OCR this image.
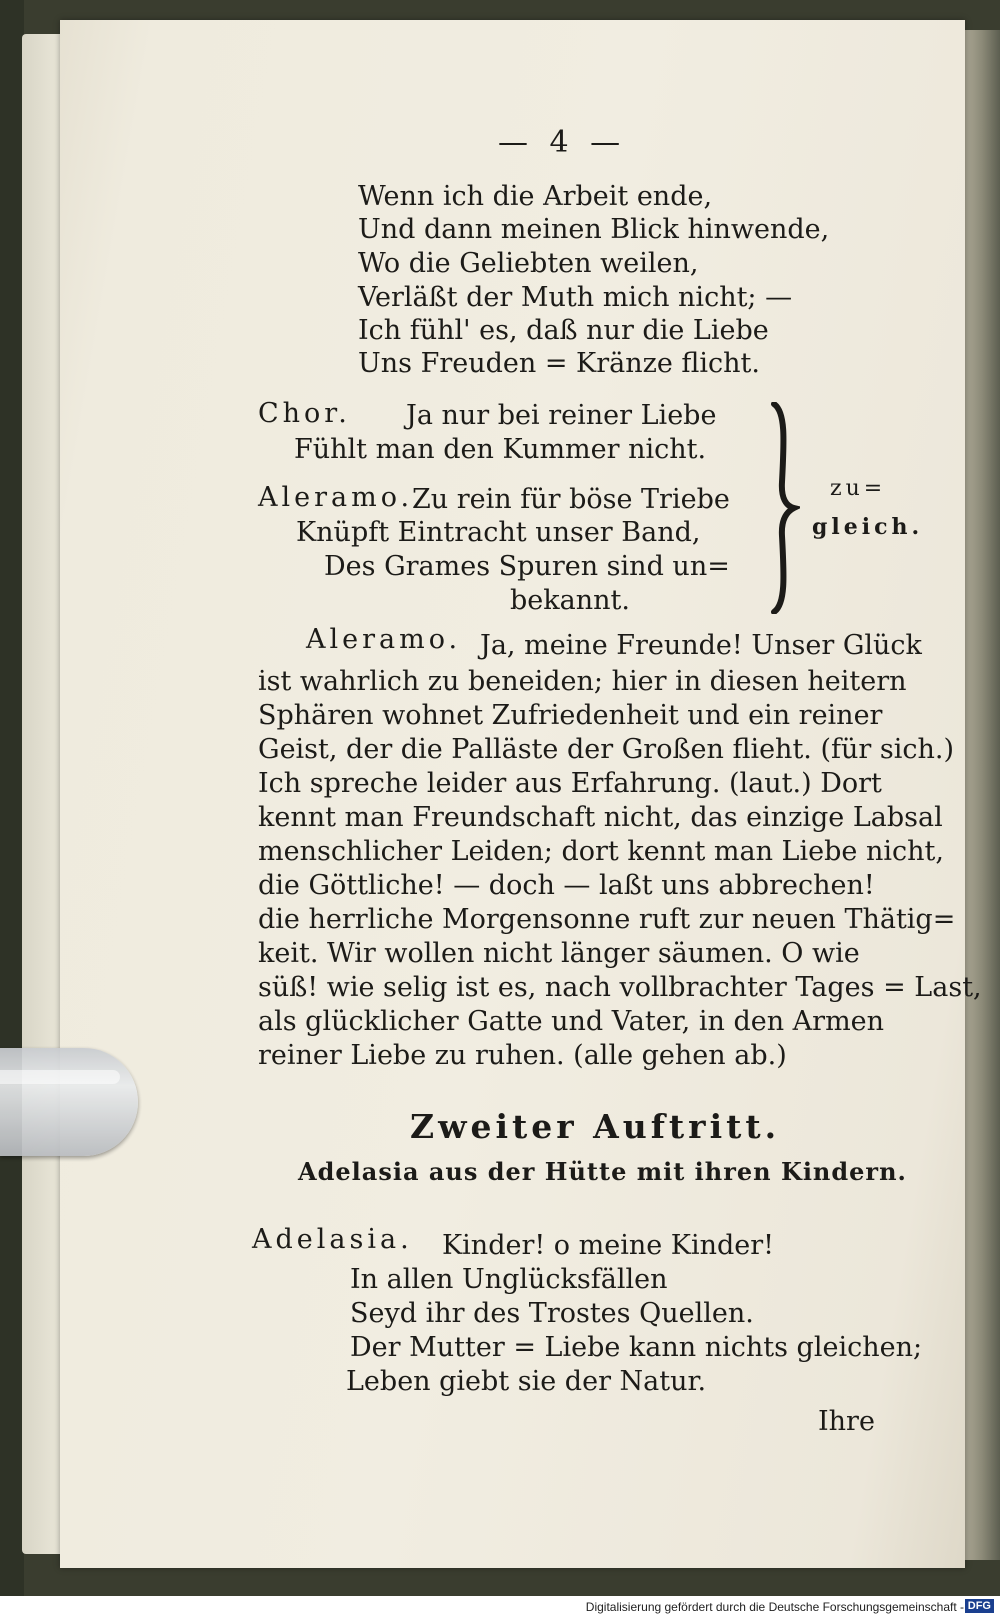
— 4 —
Wenn ich die Arbeit ende,
Und dann meinen Blick hinwende,
Wo die Geliebten weilen,
Verläßt der Muth mich nicht; —
Ich fühl' es, daß nur die Liebe
Uns Freuden = Kränze flicht.
Chor. Ja nur bei reiner Liebe
Fühlt man den Kummer nicht.
Aleramo.
Zu rein für böse Triebe
Knüpft Eintracht unser Band,
Des Grames Spuren sind un=
bekannt.
zu=
gleich.
Aleramo. Ja, meine Freunde! Unser Glück
ist wahrlich zu beneiden; hier in diesen heitern
Sphären wohnet Zufriedenheit und ein reiner
Geist, der die Palläste der Großen flieht. (für sich.)
Ich spreche leider aus Erfahrung. (laut.) Dort
kennt man Freundschaft nicht, das einzige Labsal
menschlicher Leiden; dort kennt man Liebe nicht,
die Göttliche! — doch — laßt uns abbrechen!
die herrliche Morgensonne ruft zur neuen Thätig=
keit. Wir wollen nicht länger säumen. O wie
süß! wie selig ist es, nach vollbrachter Tages = Last,
als glücklicher Gatte und Vater, in den Armen
reiner Liebe zu ruhen. (alle gehen ab.)
Zweiter Auftritt.
Adelasia aus der Hütte mit ihren Kindern.
Adelasia. Kinder! o meine Kinder!
In allen Unglücksfällen
Seyd ihr des Trostes Quellen.
Der Mutter = Liebe kann nichts gleichen;
Leben giebt sie der Natur.
Ihre
Digitalisierung gefördert durch die Deutsche Forschungsgemeinschaft - DFG
